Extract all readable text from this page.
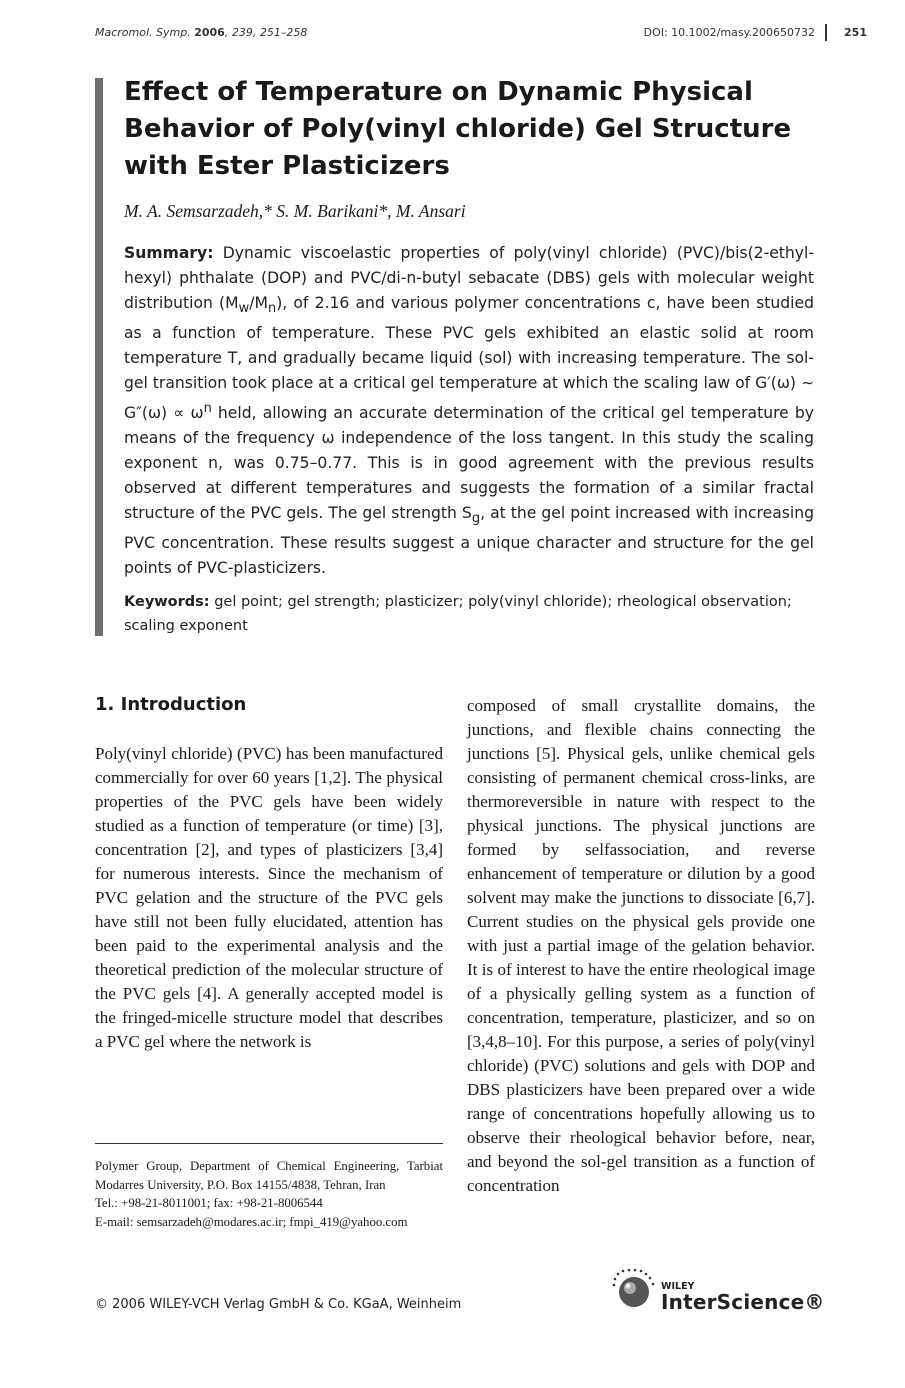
Macromol. Symp. 2006, 239, 251–258	DOI: 10.1002/masy.200650732	251
Effect of Temperature on Dynamic Physical Behavior of Poly(vinyl chloride) Gel Structure with Ester Plasticizers
M. A. Semsarzadeh,* S. M. Barikani*, M. Ansari

Summary: Dynamic viscoelastic properties of poly(vinyl chloride) (PVC)/bis(2-ethyl-hexyl) phthalate (DOP) and PVC/di-n-butyl sebacate (DBS) gels with molecular weight distribution $(M_w/M_n)$, of 2.16 and various polymer concentrations c, have been studied as a function of temperature. These PVC gels exhibited an elastic solid at room temperature T, and gradually became liquid (sol) with increasing temperature. The sol-gel transition took place at a critical gel temperature at which the scaling law of G′(ω) ∼ $G''(\omega) \propto \omega^n$ held, allowing an accurate determination of the critical gel temperature by means of the frequency ω independence of the loss tangent. In this study the scaling exponent n, was 0.75–0.77. This is in good agreement with the previous results observed at different temperatures and suggests the formation of a similar fractal structure of the PVC gels. The gel strength $S_g$, at the gel point increased with increasing PVC concentration. These results suggest a unique character and structure for the gel points of PVC-plasticizers.

Keywords: gel point; gel strength; plasticizer; poly(vinyl chloride); rheological observation; scaling exponent

1. Introduction

Poly(vinyl chloride) (PVC) has been manufactured commercially for over 60 years [1,2]. The physical properties of the PVC gels have been widely studied as a function of temperature (or time) [3], concentration [2], and types of plasticizers [3,4] for numerous interests. Since the mechanism of PVC gelation and the structure of the PVC gels have still not been fully elucidated, attention has been paid to the experimental analysis and the theoretical prediction of the molecular structure of the PVC gels [4]. A generally accepted model is the fringed-micelle structure model that describes a PVC gel where the network is

composed of small crystallite domains, the junctions, and flexible chains connecting the junctions [5]. Physical gels, unlike chemical gels consisting of permanent chemical cross-links, are thermoreversible in nature with respect to the physical junctions. The physical junctions are formed by selfassociation, and reverse enhancement of temperature or dilution by a good solvent may make the junctions to dissociate [6,7]. Current studies on the physical gels provide one with just a partial image of the gelation behavior. It is of interest to have the entire rheological image of a physically gelling system as a function of concentration, temperature, plasticizer, and so on [3,4,8–10]. For this purpose, a series of poly(vinyl chloride) (PVC) solutions and gels with DOP and DBS plasticizers have been prepared over a wide range of concentrations hopefully allowing us to observe their rheological behavior before, near, and beyond the sol-gel transition as a function of concentration

Polymer Group, Department of Chemical Engineering, Tarbiat Modarres University, P.O. Box 14155/4838, Tehran, Iran
Tel.: +98-21-8011001; fax: +98-21-8006544
E-mail: semsarzadeh@modares.ac.ir; fmpi_419@yahoo.com
© 2006 WILEY-VCH Verlag GmbH & Co. KGaA, Weinheim
WILEY
InterScience®
